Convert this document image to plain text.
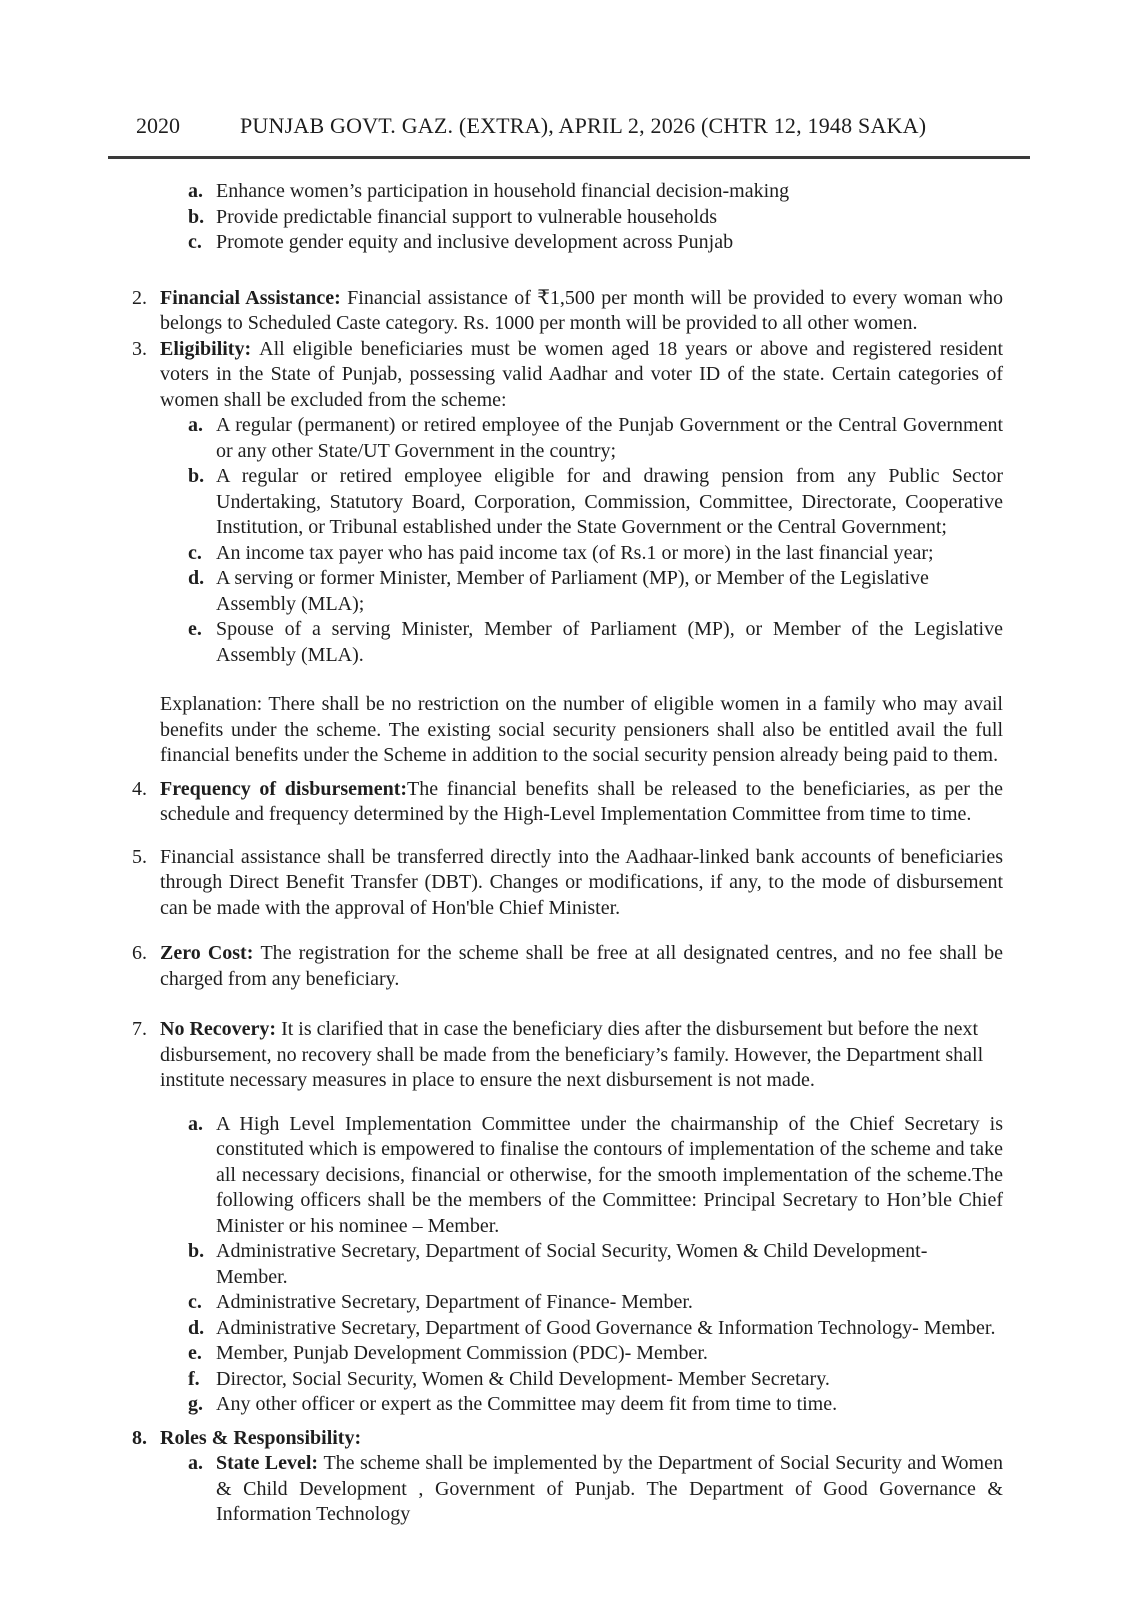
2020	PUNJAB GOVT. GAZ. (EXTRA), APRIL 2, 2026 (CHTR 12, 1948 SAKA)
a. Enhance women’s participation in household financial decision-making
b. Provide predictable financial support to vulnerable households
c. Promote gender equity and inclusive development across Punjab
2. Financial Assistance: Financial assistance of ₹1,500 per month will be provided to every woman who belongs to Scheduled Caste category. Rs. 1000 per month will be provided to all other women.
3. Eligibility: All eligible beneficiaries must be women aged 18 years or above and registered resident voters in the State of Punjab, possessing valid Aadhar and voter ID of the state. Certain categories of women shall be excluded from the scheme:
a. A regular (permanent) or retired employee of the Punjab Government or the Central Government or any other State/UT Government in the country;
b. A regular or retired employee eligible for and drawing pension from any Public Sector Undertaking, Statutory Board, Corporation, Commission, Committee, Directorate, Cooperative Institution, or Tribunal established under the State Government or the Central Government;
c. An income tax payer who has paid income tax (of Rs.1 or more) in the last financial year;
d. A serving or former Minister, Member of Parliament (MP), or Member of the Legislative Assembly (MLA);
e. Spouse of a serving Minister, Member of Parliament (MP), or Member of the Legislative Assembly (MLA).
Explanation: There shall be no restriction on the number of eligible women in a family who may avail benefits under the scheme. The existing social security pensioners shall also be entitled avail the full financial benefits under the Scheme in addition to the social security pension already being paid to them.
4. Frequency of disbursement:The financial benefits shall be released to the beneficiaries, as per the schedule and frequency determined by the High-Level Implementation Committee from time to time.
5. Financial assistance shall be transferred directly into the Aadhaar-linked bank accounts of beneficiaries through Direct Benefit Transfer (DBT). Changes or modifications, if any, to the mode of disbursement can be made with the approval of Hon'ble Chief Minister.
6. Zero Cost: The registration for the scheme shall be free at all designated centres, and no fee shall be charged from any beneficiary.
7. No Recovery: It is clarified that in case the beneficiary dies after the disbursement but before the next disbursement, no recovery shall be made from the beneficiary’s family. However, the Department shall institute necessary measures in place to ensure the next disbursement is not made.
a. A High Level Implementation Committee under the chairmanship of the Chief Secretary is constituted which is empowered to finalise the contours of implementation of the scheme and take all necessary decisions, financial or otherwise, for the smooth implementation of the scheme.The following officers shall be the members of the Committee: Principal Secretary to Hon’ble Chief Minister or his nominee – Member.
b. Administrative Secretary, Department of Social Security, Women & Child Development- Member.
c. Administrative Secretary, Department of Finance- Member.
d. Administrative Secretary, Department of Good Governance & Information Technology- Member.
e. Member, Punjab Development Commission (PDC)- Member.
f. Director, Social Security, Women & Child Development- Member Secretary.
g. Any other officer or expert as the Committee may deem fit from time to time.
8. Roles & Responsibility:
a. State Level: The scheme shall be implemented by the Department of Social Security and Women & Child Development , Government of Punjab. The Department of Good Governance & Information Technology
